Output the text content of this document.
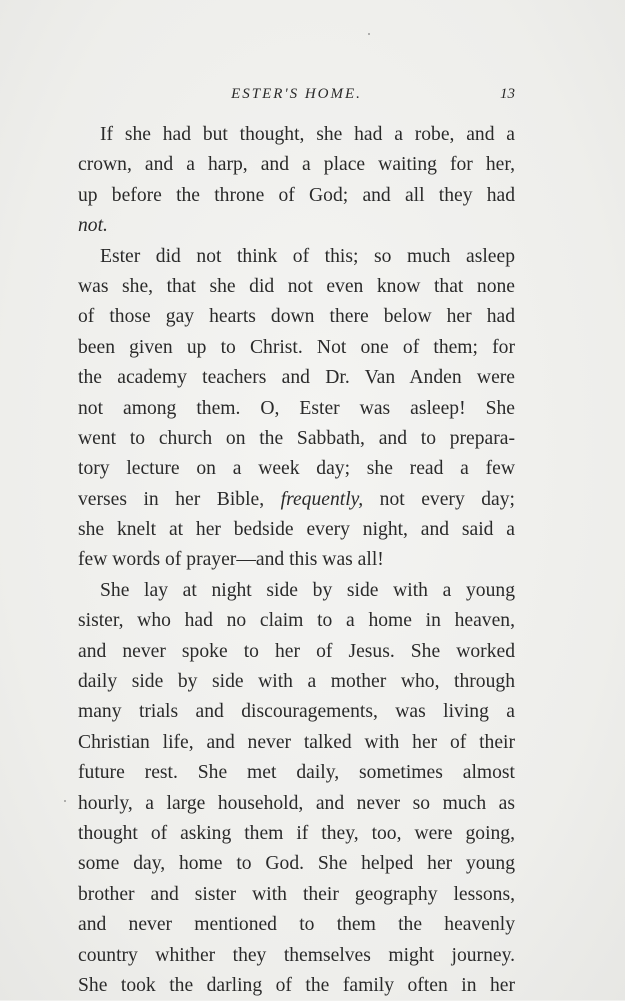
ESTER'S HOME.	13
If she had but thought, she had a robe, and a
crown, and a harp, and a place waiting for her,
up before the throne of God; and all they had
not.
Ester did not think of this; so much asleep
was she, that she did not even know that none
of those gay hearts down there below her had
been given up to Christ. Not one of them; for
the academy teachers and Dr. Van Anden were
not among them. O, Ester was asleep! She
went to church on the Sabbath, and to prepara-
tory lecture on a week day; she read a few
verses in her Bible, frequently, not every day;
she knelt at her bedside every night, and said a
few words of prayer—and this was all!
She lay at night side by side with a young
sister, who had no claim to a home in heaven,
and never spoke to her of Jesus. She worked
daily side by side with a mother who, through
many trials and discouragements, was living a
Christian life, and never talked with her of their
future rest. She met daily, sometimes almost
hourly, a large household, and never so much as
thought of asking them if they, too, were going,
some day, home to God. She helped her young
brother and sister with their geography lessons,
and never mentioned to them the heavenly
country whither they themselves might journey.
She took the darling of the family often in her
